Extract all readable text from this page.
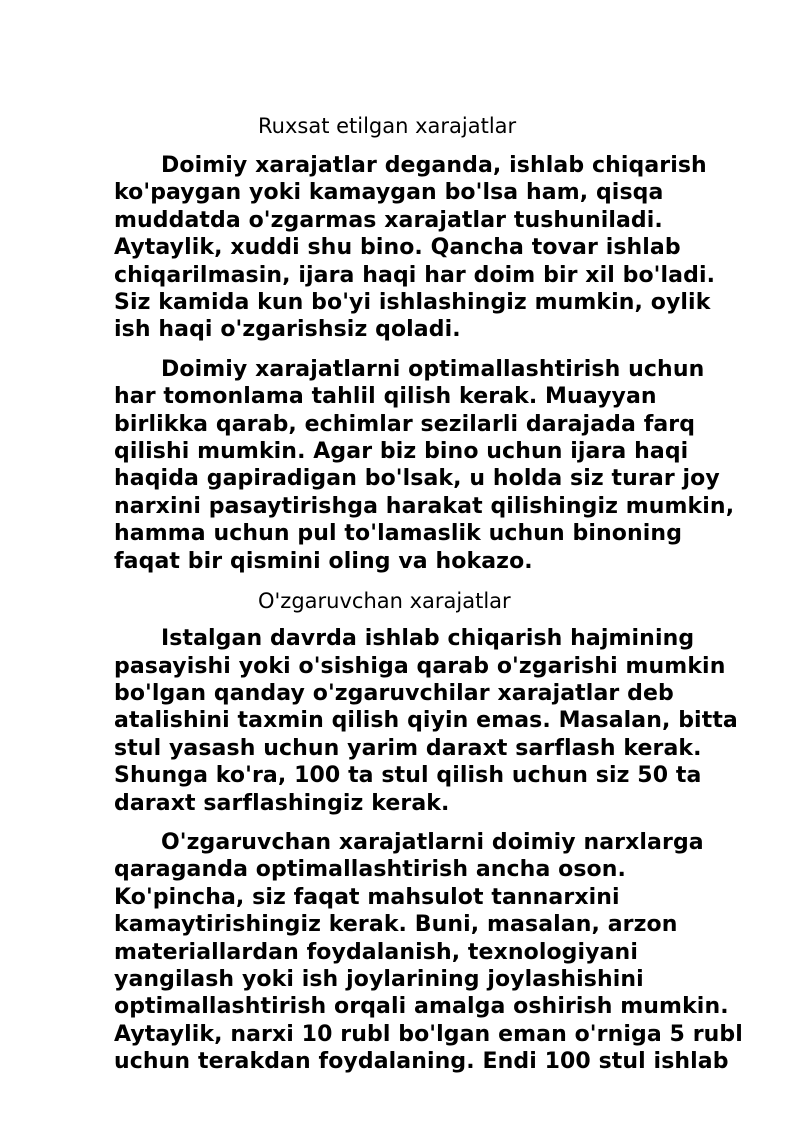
Ruxsat etilgan xarajatlar

Doimiy xarajatlar deganda, ishlab chiqarish ko'paygan yoki kamaygan bo'lsa ham, qisqa muddatda o'zgarmas xarajatlar tushuniladi. Aytaylik, xuddi shu bino. Qancha tovar ishlab chiqarilmasin, ijara haqi har doim bir xil bo'ladi. Siz kamida kun bo'yi ishlashingiz mumkin, oylik ish haqi o'zgarishsiz qoladi.

Doimiy xarajatlarni optimallashtirish uchun har tomonlama tahlil qilish kerak. Muayyan birlikka qarab, echimlar sezilarli darajada farq qilishi mumkin. Agar biz bino uchun ijara haqi haqida gapiradigan bo'lsak, u holda siz turar joy narxini pasaytirishga harakat qilishingiz mumkin, hamma uchun pul to'lamaslik uchun binoning faqat bir qismini oling va hokazo.

O'zgaruvchan xarajatlar

Istalgan davrda ishlab chiqarish hajmining pasayishi yoki o'sishiga qarab o'zgarishi mumkin bo'lgan qanday o'zgaruvchilar xarajatlar deb atalishini taxmin qilish qiyin emas. Masalan, bitta stul yasash uchun yarim daraxt sarflash kerak. Shunga ko'ra, 100 ta stul qilish uchun siz 50 ta daraxt sarflashingiz kerak.

O'zgaruvchan xarajatlarni doimiy narxlarga qaraganda optimallashtirish ancha oson. Ko'pincha, siz faqat mahsulot tannarxini kamaytirishingiz kerak. Buni, masalan, arzon materiallardan foydalanish, texnologiyani yangilash yoki ish joylarining joylashishini optimallashtirish orqali amalga oshirish mumkin. Aytaylik, narxi 10 rubl bo'lgan eman o'rniga 5 rubl uchun terakdan foydalaning. Endi 100 stul ishlab
